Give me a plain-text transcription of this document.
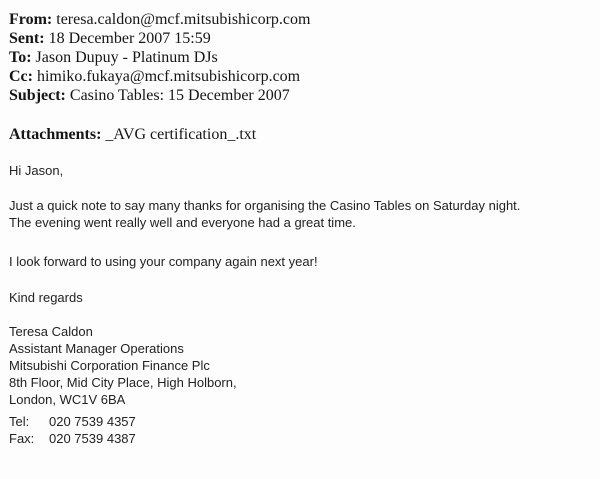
From: teresa.caldon@mcf.mitsubishicorp.com
Sent: 18 December 2007 15:59
To: Jason Dupuy - Platinum DJs
Cc: himiko.fukaya@mcf.mitsubishicorp.com
Subject: Casino Tables: 15 December 2007
Attachments: _AVG certification_.txt
Hi Jason,
Just a quick note to say many thanks for organising the Casino Tables on Saturday night.
The evening went really well and everyone had a great time.
I look forward to using your company again next year!
Kind regards
Teresa Caldon
Assistant Manager Operations
Mitsubishi Corporation Finance Plc
8th Floor, Mid City Place, High Holborn,
London, WC1V 6BA
Tel:	020 7539 4357
Fax:	020 7539 4387
